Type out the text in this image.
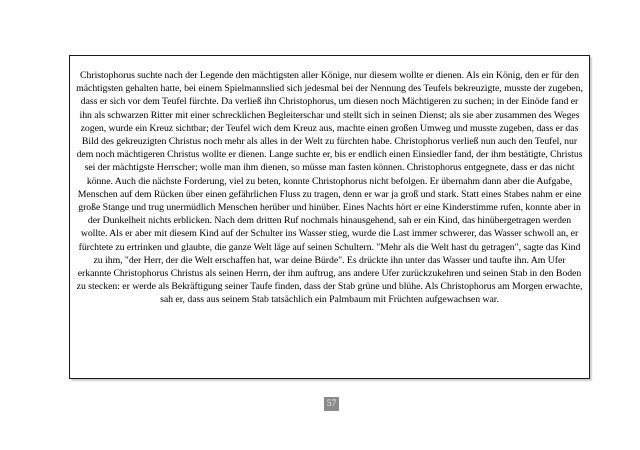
Christophorus suchte nach der Legende den mächtigsten aller Könige, nur diesem wollte er dienen. Als ein König, den er für den mächtigsten gehalten hatte, bei einem Spielmannslied sich jedesmal bei der Nennung des Teufels bekreuzigte, musste der zugeben, dass er sich vor dem Teufel fürchte. Da verließ ihn Christophorus, um diesen noch Mächtigeren zu suchen; in der Einöde fand er ihn als schwarzen Ritter mit einer schrecklichen Begleiterschar und stellt sich in seinen Dienst; als sie aber zusammen des Weges zogen, wurde ein Kreuz sichtbar; der Teufel wich dem Kreuz aus, machte einen großen Umweg und musste zugeben, dass er das Bild des gekreuzigten Christus noch mehr als alles in der Welt zu fürchten habe. Christophorus verließ nun auch den Teufel, nur dem noch mächtigeren Christus wollte er dienen. Lange suchte er, bis er endlich einen Einsiedler fand, der ihm bestätigte, Christus sei der mächtigste Herrscher; wolle man ihm dienen, so müsse man fasten können. Christophorus entgegnete, dass er das nicht könne. Auch die nächste Forderung, viel zu beten, konnte Christophorus nicht befolgen. Er übernahm dann aber die Aufgabe, Menschen auf dem Rücken über einen gefährlichen Fluss zu tragen, denn er war ja groß und stark. Statt eines Stabes nahm er eine große Stange und trug unermüdlich Menschen herüber und hinüber. Eines Nachts hört er eine Kinderstimme rufen, konnte aber in der Dunkelheit nichts erblicken. Nach dem dritten Ruf nochmals hinausgehend, sah er ein Kind, das hinübergetragen werden wollte. Als er aber mit diesem Kind auf der Schulter ins Wasser stieg, wurde die Last immer schwerer, das Wasser schwoll an, er fürchtete zu ertrinken und glaubte, die ganze Welt läge auf seinen Schultern. "Mehr als die Welt hast du getragen", sagte das Kind zu ihm, "der Herr, der die Welt erschaffen hat, war deine Bürde". Es drückte ihn unter das Wasser und taufte ihn. Am Ufer erkannte Christophorus Christus als seinen Herrn, der ihm auftrug, ans andere Ufer zurückzukehren und seinen Stab in den Boden zu stecken: er werde als Bekräftigung seiner Taufe finden, dass der Stab grüne und blühe. Als Christophorus am Morgen erwachte, sah er, dass aus seinem Stab tatsächlich ein Palmbaum mit Früchten aufgewachsen war.

57
